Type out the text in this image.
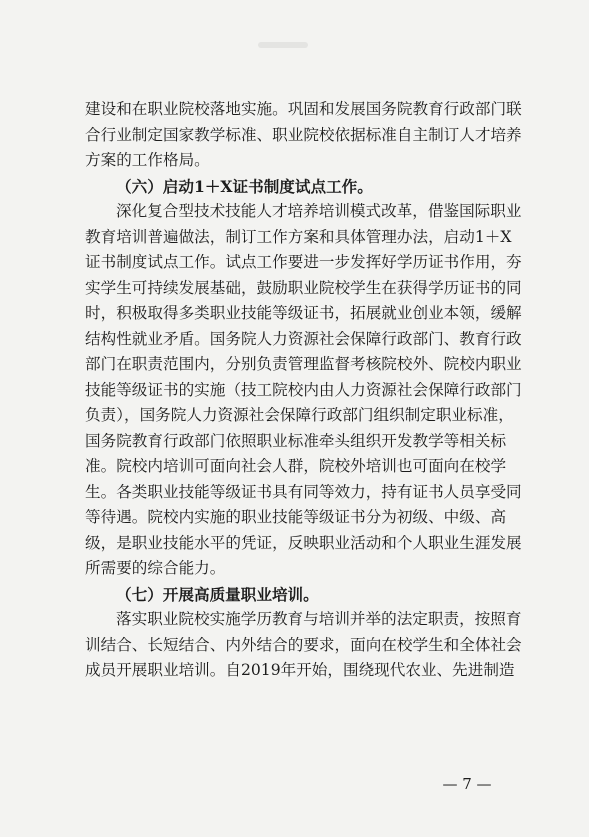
建设和在职业院校落地实施。巩固和发展国务院教育行政部门联
合行业制定国家教学标准、职业院校依据标准自主制订人才培养
方案的工作格局。
（六）启动1＋X证书制度试点工作。
深化复合型技术技能人才培养培训模式改革，借鉴国际职业
教育培训普遍做法，制订工作方案和具体管理办法，启动1＋X
证书制度试点工作。试点工作要进一步发挥好学历证书作用，夯
实学生可持续发展基础，鼓励职业院校学生在获得学历证书的同
时，积极取得多类职业技能等级证书，拓展就业创业本领，缓解
结构性就业矛盾。国务院人力资源社会保障行政部门、教育行政
部门在职责范围内，分别负责管理监督考核院校外、院校内职业
技能等级证书的实施（技工院校内由人力资源社会保障行政部门
负责），国务院人力资源社会保障行政部门组织制定职业标准，
国务院教育行政部门依照职业标准牵头组织开发教学等相关标
准。院校内培训可面向社会人群，院校外培训也可面向在校学
生。各类职业技能等级证书具有同等效力，持有证书人员享受同
等待遇。院校内实施的职业技能等级证书分为初级、中级、高
级，是职业技能水平的凭证，反映职业活动和个人职业生涯发展
所需要的综合能力。
（七）开展高质量职业培训。
落实职业院校实施学历教育与培训并举的法定职责，按照育
训结合、长短结合、内外结合的要求，面向在校学生和全体社会
成员开展职业培训。自2019年开始，围绕现代农业、先进制造
— 7 —
